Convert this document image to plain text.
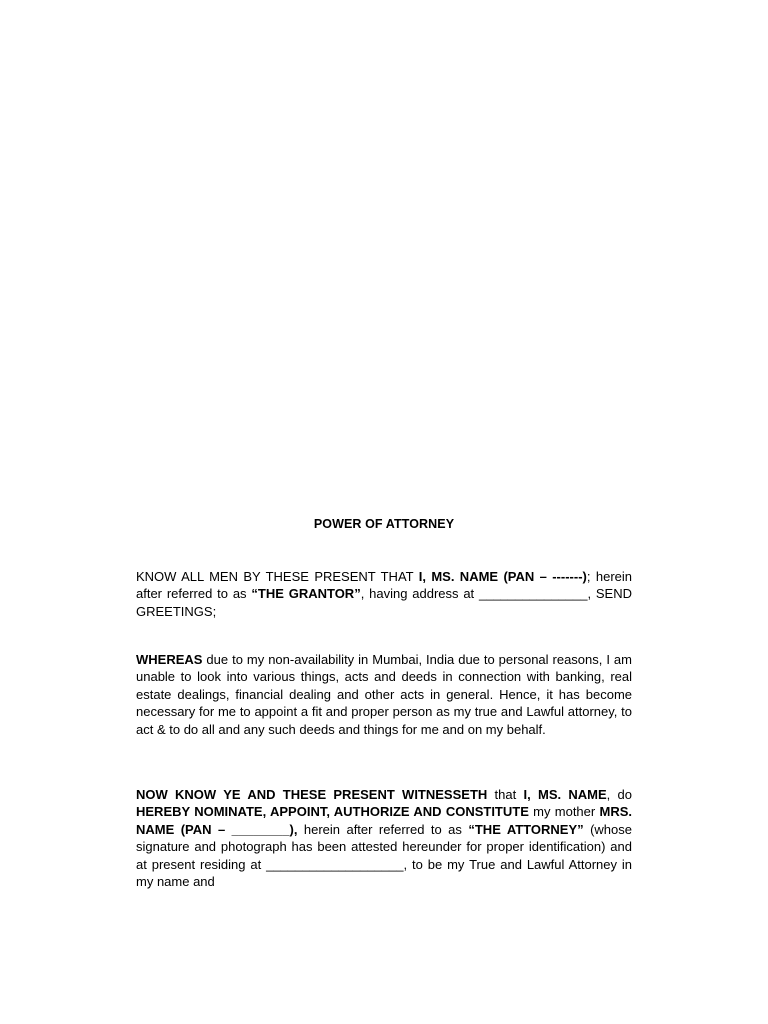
POWER OF ATTORNEY

KNOW ALL MEN BY THESE PRESENT THAT I, MS. NAME (PAN – -------); herein after referred to as “THE GRANTOR”, having address at _______________, SEND GREETINGS;

WHEREAS due to my non-availability in Mumbai, India due to personal reasons, I am unable to look into various things, acts and deeds in connection with banking, real estate dealings, financial dealing and other acts in general. Hence, it has become necessary for me to appoint a fit and proper person as my true and Lawful attorney, to act & to do all and any such deeds and things for me and on my behalf.

NOW KNOW YE AND THESE PRESENT WITNESSETH that I, MS. NAME, do HEREBY NOMINATE, APPOINT, AUTHORIZE AND CONSTITUTE my mother MRS. NAME (PAN – ________), herein after referred to as “THE ATTORNEY” (whose signature and photograph has been attested hereunder for proper identification) and at present residing at ___________________, to be my True and Lawful Attorney in my name and
